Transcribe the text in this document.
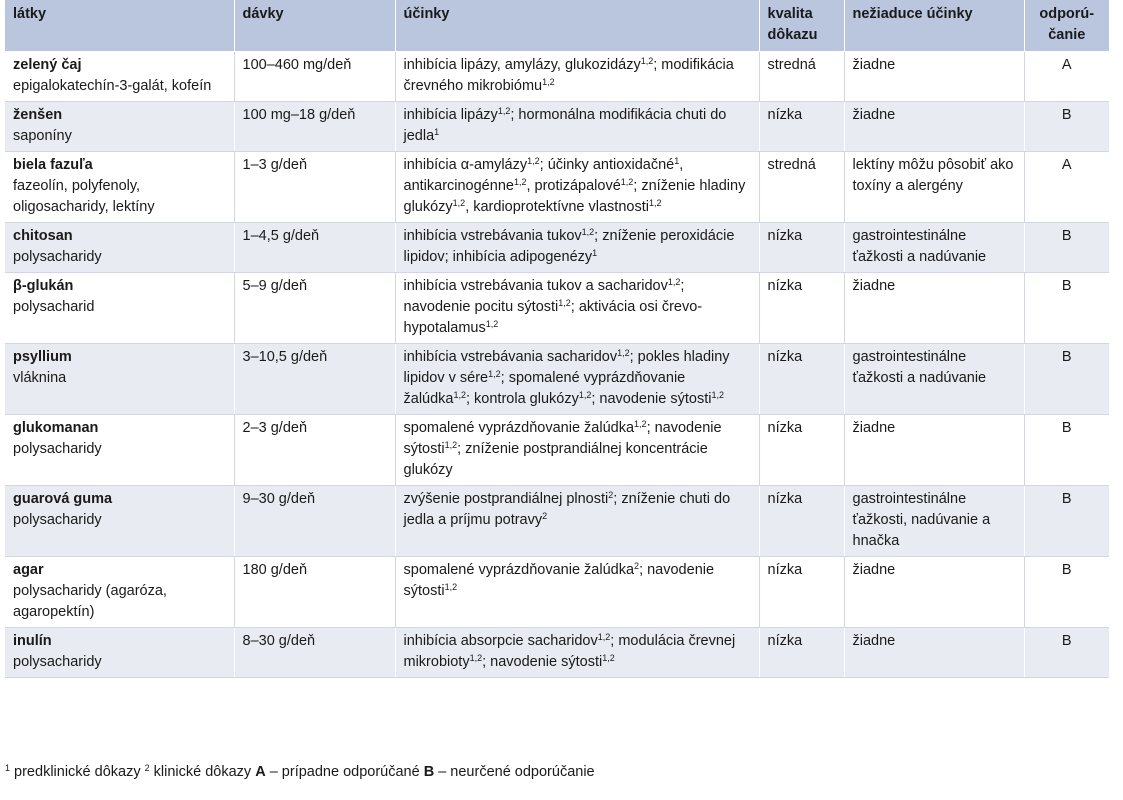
látky	dávky	účinky	kvalita dôkazu	nežiaduce účinky	odporú-čanie

zelený čaj
epigalokatechín-3-galát, kofeín	100–460 mg/deň	inhibícia lipázy, amylázy, glukozidázy$^{1,2}$; modifikácia črevného mikrobiómu$^{1,2}$	stredná	žiadne	A

ženšen
saponíny	100 mg–18 g/deň	inhibícia lipázy$^{1,2}$; hormonálna modifikácia chuti do jedla$^1$	nízka	žiadne	B

biela fazuľa
fazeolín, polyfenoly, oligosacharidy, lektíny	1–3 g/deň	inhibícia α-amylázy$^{1,2}$; účinky antioxidačné$^1$, antikarcinogénne$^{1,2}$, protizápalové$^{1,2}$; zníženie hladiny glukózy$^{1,2}$, kardioprotektívne vlastnosti$^{1,2}$	stredná	lektíny môžu pôsobiť ako toxíny a alergény	A

chitosan
polysacharidy	1–4,5 g/deň	inhibícia vstrebávania tukov$^{1,2}$; zníženie peroxidácie lipidov; inhibícia adipogenézy$^1$	nízka	gastrointestinálne ťažkosti a nadúvanie	B

β-glukán
polysacharid	5–9 g/deň	inhibícia vstrebávania tukov a sacharidov$^{1,2}$; navodenie pocitu sýtosti$^{1,2}$; aktivácia osi črevo-hypotalamus$^{1,2}$	nízka	žiadne	B

psyllium
vláknina	3–10,5 g/deň	inhibícia vstrebávania sacharidov$^{1,2}$; pokles hladiny lipidov v sére$^{1,2}$; spomalené vyprázdňovanie žalúdka$^{1,2}$; kontrola glukózy$^{1,2}$; navodenie sýtosti$^{1,2}$	nízka	gastrointestinálne ťažkosti a nadúvanie	B

glukomanan
polysacharidy	2–3 g/deň	spomalené vyprázdňovanie žalúdka$^{1,2}$; navodenie sýtosti$^{1,2}$; zníženie postprandiálnej koncentrácie glukózy	nízka	žiadne	B

guarová guma
polysacharidy	9–30 g/deň	zvýšenie postprandiálnej plnosti$^2$; zníženie chuti do jedla a príjmu potravy$^2$	nízka	gastrointestinálne ťažkosti, nadúvanie a hnačka	B

agar
polysacharidy (agaróza, agaropektín)	180 g/deň	spomalené vyprázdňovanie žalúdka$^2$; navodenie sýtosti$^{1,2}$	nízka	žiadne	B

inulín
polysacharidy	8–30 g/deň	inhibícia absorpcie sacharidov$^{1,2}$; modulácia črevnej mikrobioty$^{1,2}$; navodenie sýtosti$^{1,2}$	nízka	žiadne	B
$^1$ predklinické dôkazy $^2$ klinické dôkazy A – prípadne odporúčané B – neurčené odporúčanie
